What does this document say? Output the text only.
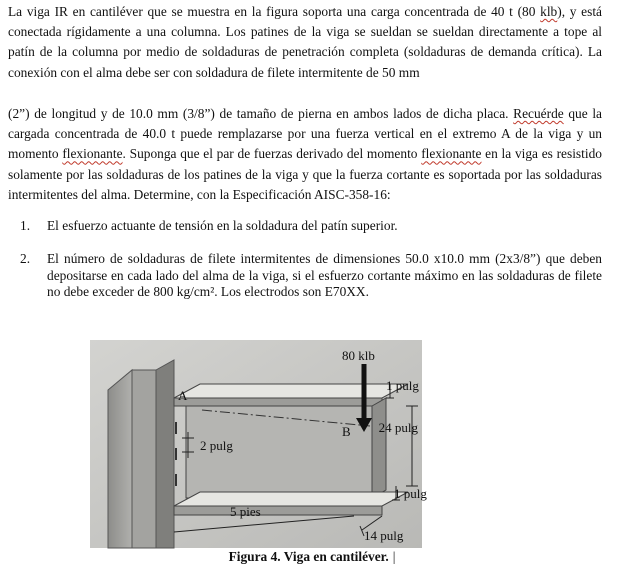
La viga IR en cantiléver que se muestra en la figura soporta una carga concentrada de 40 t (80 klb), y está conectada rígidamente a una columna. Los patines de la viga se sueldan se sueldan directamente a tope al patín de la columna por medio de soldaduras de penetración completa (soldaduras de demanda crítica). La conexión con el alma debe ser con soldadura de filete intermitente de 50 mm

(2”) de longitud y de 10.0 mm (3/8”) de tamaño de pierna en ambos lados de dicha placa. Recuérde que la cargada concentrada de 40.0 t puede remplazarse por una fuerza vertical en el extremo A de la viga y un momento flexionante. Suponga que el par de fuerzas derivado del momento flexionante en la viga es resistido solamente por las soldaduras de los patines de la viga y que la fuerza cortante es soportada por las soldaduras intermitentes del alma. Determine, con la Especificación AISC-358-16:

1. El esfuerzo actuante de tensión en la soldadura del patín superior.
2. El número de soldaduras de filete intermitentes de dimensiones 50.0 x10.0 mm (2x3/8”) que deben depositarse en cada lado del alma de la viga, si el esfuerzo cortante máximo en las soldaduras de filete no debe exceder de 800 kg/cm². Los electrodos son E70XX.
80 klb
A
B
1 pulg
24 pulg
2 pulg
1 pulg
5 pies
14 pulg
Figura 4. Viga en cantiléver. |
